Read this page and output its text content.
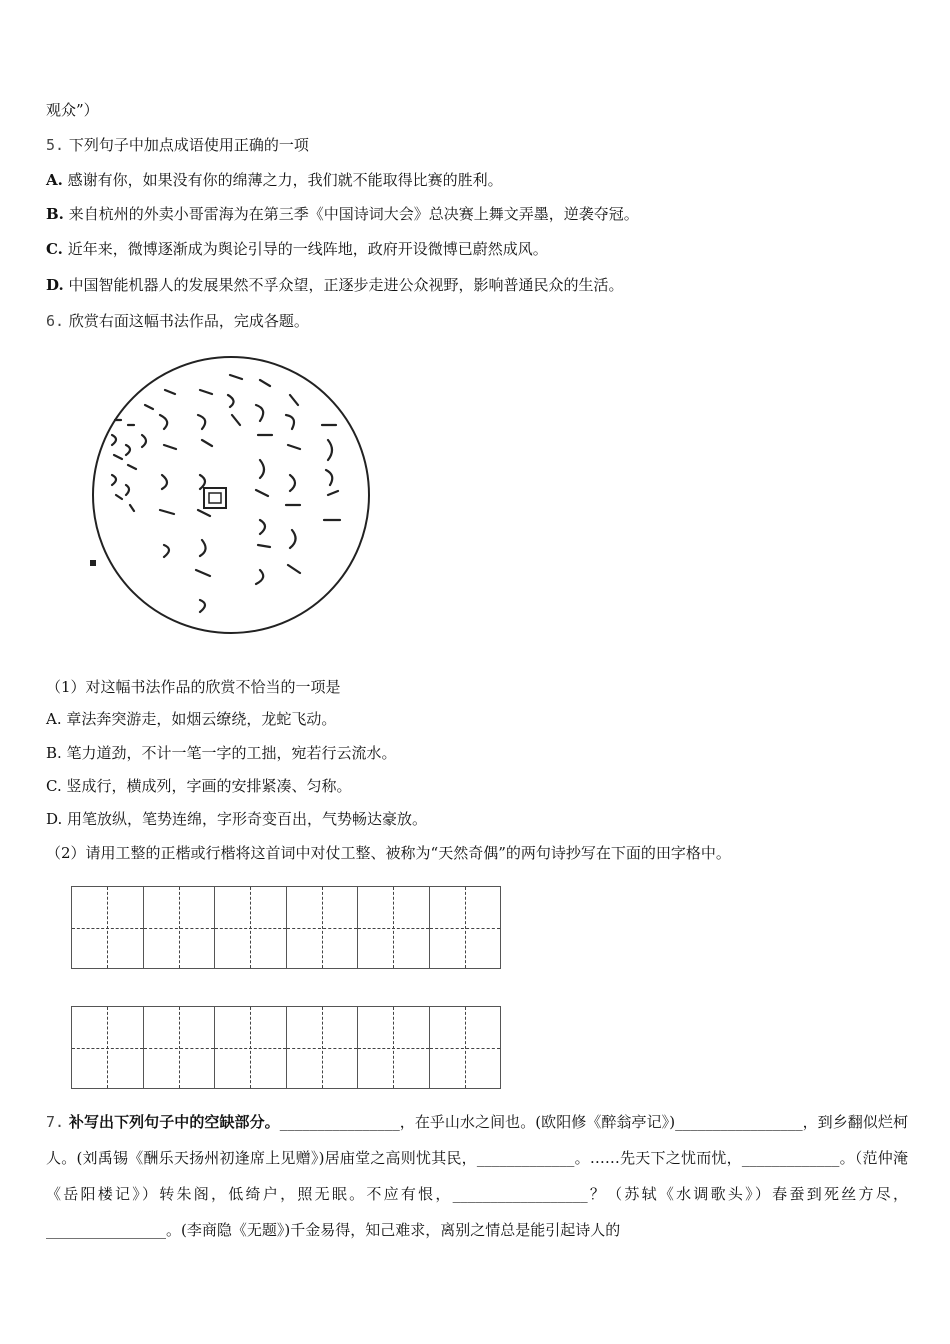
观众”）
5. 下列句子中加点成语使用正确的一项
A. 感谢有你，如果没有你的绵薄之力，我们就不能取得比赛的胜利。
B. 来自杭州的外卖小哥雷海为在第三季《中国诗词大会》总决赛上舞文弄墨，逆袭夺冠。
C. 近年来，微博逐渐成为舆论引导的一线阵地，政府开设微博已蔚然成风。
D. 中国智能机器人的发展果然不孚众望，正逐步走进公众视野，影响普通民众的生活。
6. 欣赏右面这幅书法作品，完成各题。
（1）对这幅书法作品的欣赏不恰当的一项是
A. 章法奔突游走，如烟云缭绕，龙蛇飞动。
B. 笔力道劲，不计一笔一字的工拙，宛若行云流水。
C. 竖成行，横成列，字画的安排紧凑、匀称。
D. 用笔放纵，笔势连绵，字形奇变百出，气势畅达豪放。
（2）请用工整的正楷或行楷将这首词中对仗工整、被称为“天然奇偶”的两句诗抄写在下面的田字格中。
7. 补写出下列句子中的空缺部分。________________，在乎山水之间也。(欧阳修《醉翁亭记》)_________________，到乡翻似烂柯人。(刘禹锡《酬乐天扬州初逢席上见赠》)居庙堂之高则忧其民，_____________。……先天下之忧而忧，_____________。（范仲淹《岳阳楼记》）转朱阁，低绮户，照无眠。不应有恨，__________________？（苏轼《水调歌头》）春蚕到死丝方尽，________________。(李商隐《无题》)千金易得，知己难求，离别之情总是能引起诗人的
